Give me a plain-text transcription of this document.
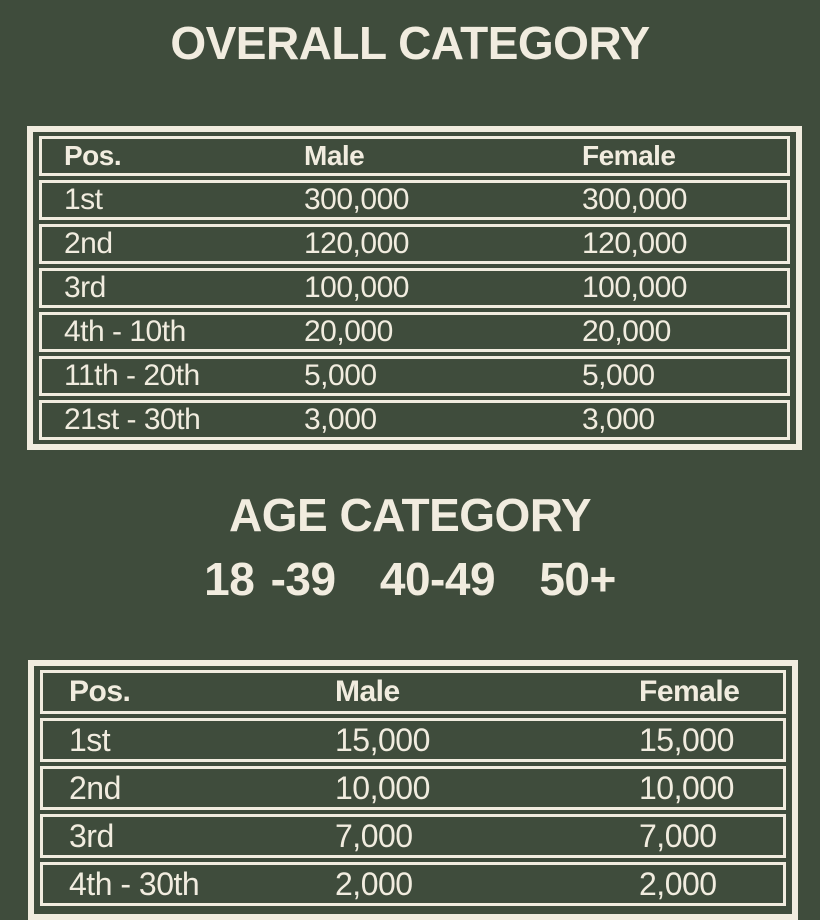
OVERALL CATEGORY
Pos.	Male	Female
1st	300,000	300,000
2nd	120,000	120,000
3rd	100,000	100,000
4th - 10th	20,000	20,000
11th - 20th	5,000	5,000
21st - 30th	3,000	3,000
AGE CATEGORY
18 -39 40-49 50+
Pos.	Male	Female
1st	15,000	15,000
2nd	10,000	10,000
3rd	7,000	7,000
4th - 30th	2,000	2,000
